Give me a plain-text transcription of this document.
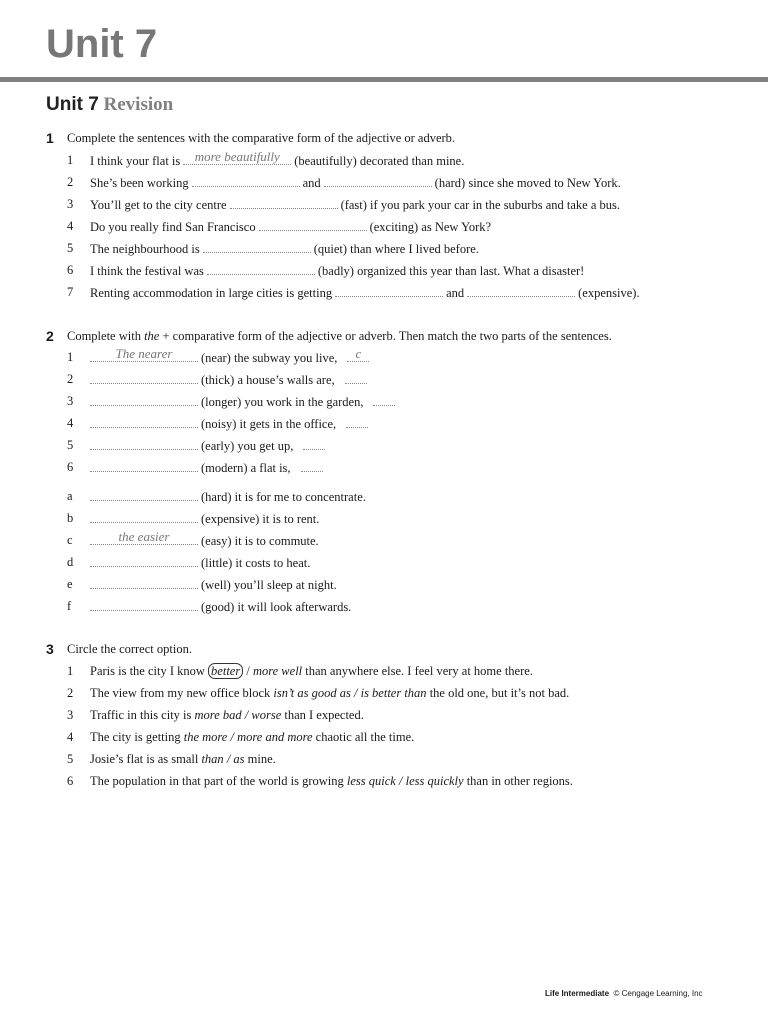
Unit 7
Unit 7 Revision
1 Complete the sentences with the comparative form of the adjective or adverb.
1	I think your flat is	more beautifully	(beautifully) decorated than mine.
2	She’s been working	and	(hard) since she moved to New York.
3	You’ll get to the city centre	(fast) if you park your car in the suburbs and take a bus.
4	Do you really find San Francisco	(exciting) as New York?
5	The neighbourhood is	(quiet) than where I lived before.
6	I think the festival was	(badly) organized this year than last. What a disaster!
7	Renting accommodation in large cities is getting	and	(expensive).
2 Complete with the + comparative form of the adjective or adverb. Then match the two parts of the sentences.
1	The nearer	(near) the subway you live,	c
2	(thick) a house’s walls are,
3	(longer) you work in the garden,
4	(noisy) it gets in the office,
5	(early) you get up,
6	(modern) a flat is,
a	(hard) it is for me to concentrate.
b	(expensive) it is to rent.
c	the easier	(easy) it is to commute.
d	(little) it costs to heat.
e	(well) you’ll sleep at night.
f	(good) it will look afterwards.
3 Circle the correct option.
1	Paris is the city I know better / more well than anywhere else. I feel very at home there.
2	The view from my new office block isn’t as good as / is better than the old one, but it’s not bad.
3	Traffic in this city is more bad / worse than I expected.
4	The city is getting the more / more and more chaotic all the time.
5	Josie’s flat is as small than / as mine.
6	The population in that part of the world is growing less quick / less quickly than in other regions.
Life Intermediate © Cengage Learning, Inc
